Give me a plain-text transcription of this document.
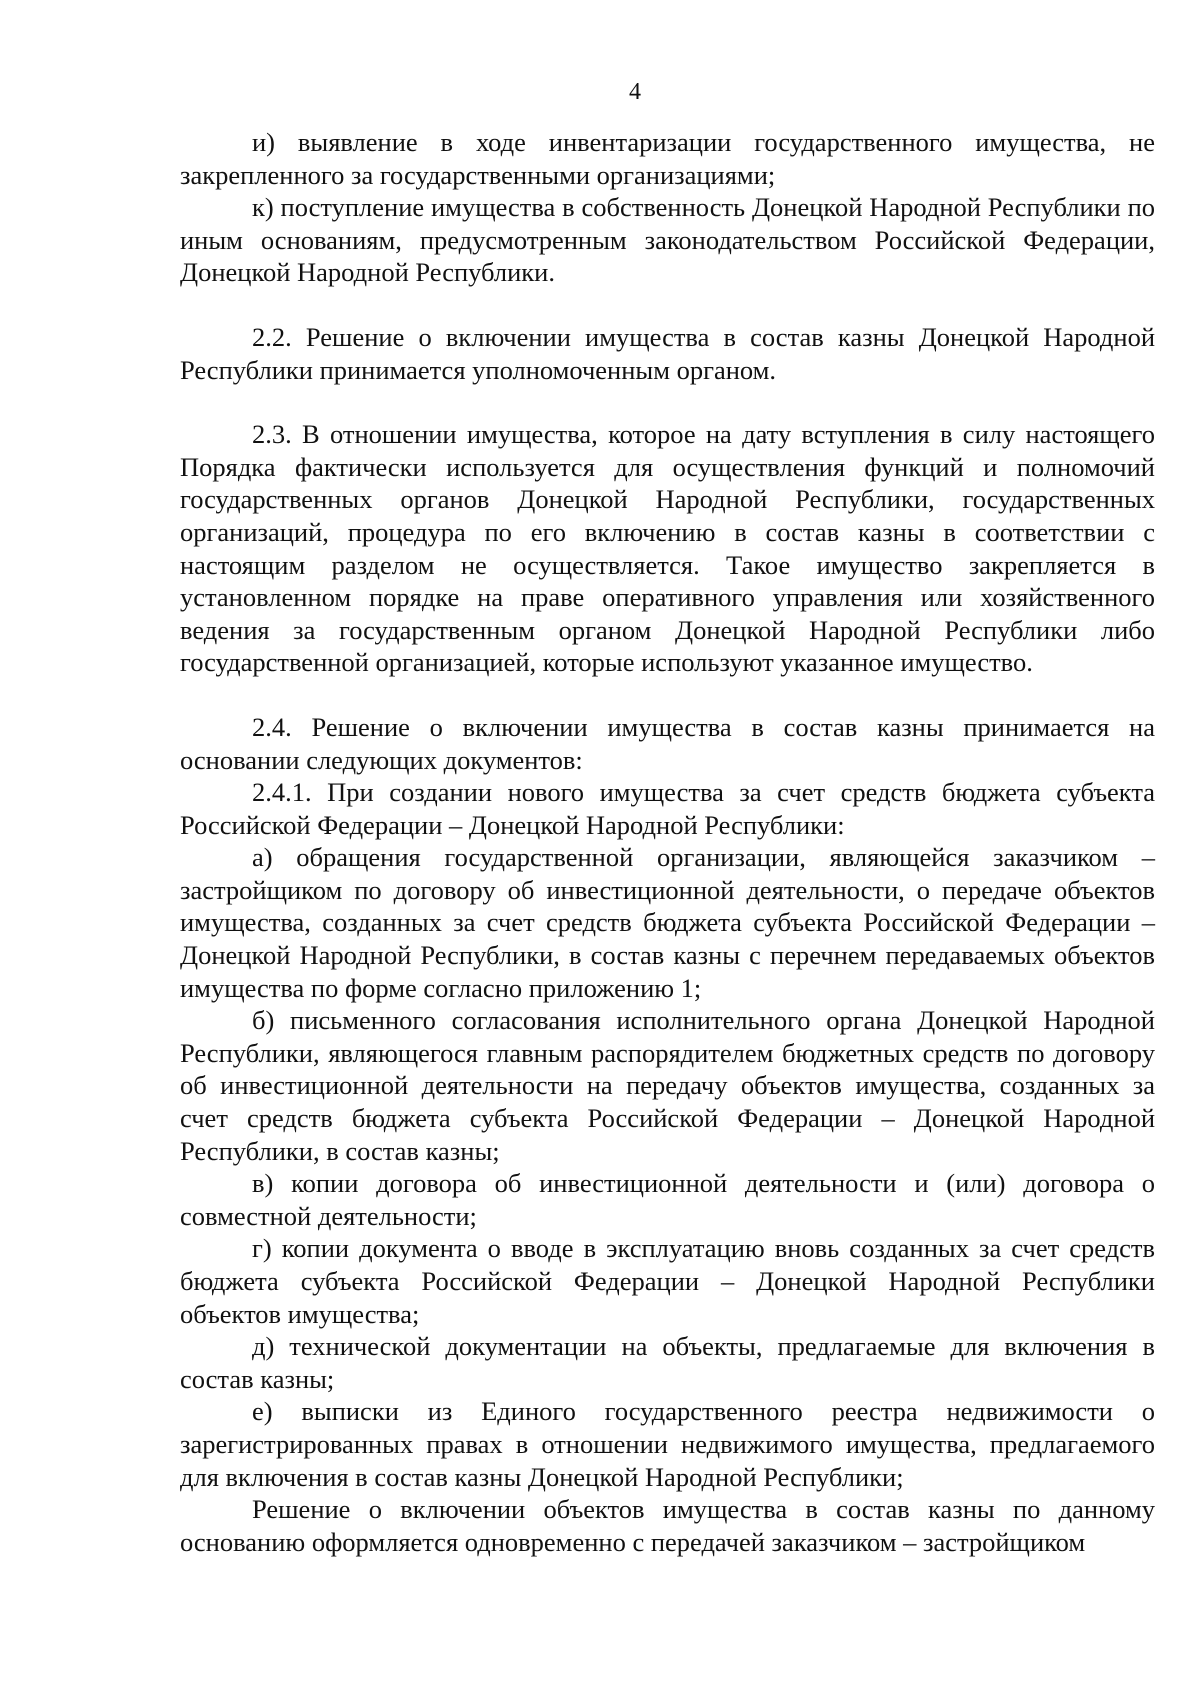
4

и) выявление в ходе инвентаризации государственного имущества, не закрепленного за государственными организациями;

к) поступление имущества в собственность Донецкой Народной Республики по иным основаниям, предусмотренным законодательством Российской Федерации, Донецкой Народной Республики.

2.2. Решение о включении имущества в состав казны Донецкой Народной Республики принимается уполномоченным органом.

2.3. В отношении имущества, которое на дату вступления в силу настоящего Порядка фактически используется для осуществления функций и полномочий государственных органов Донецкой Народной Республики, государственных организаций, процедура по его включению в состав казны в соответствии с настоящим разделом не осуществляется. Такое имущество закрепляется в установленном порядке на праве оперативного управления или хозяйственного ведения за государственным органом Донецкой Народной Республики либо государственной организацией, которые используют указанное имущество.

2.4. Решение о включении имущества в состав казны принимается на основании следующих документов:

2.4.1. При создании нового имущества за счет средств бюджета субъекта Российской Федерации – Донецкой Народной Республики:

а) обращения государственной организации, являющейся заказчиком – застройщиком по договору об инвестиционной деятельности, о передаче объектов имущества, созданных за счет средств бюджета субъекта Российской Федерации – Донецкой Народной Республики, в состав казны с перечнем передаваемых объектов имущества по форме согласно приложению 1;

б) письменного согласования исполнительного органа Донецкой Народной Республики, являющегося главным распорядителем бюджетных средств по договору об инвестиционной деятельности на передачу объектов имущества, созданных за счет средств бюджета субъекта Российской Федерации – Донецкой Народной Республики, в состав казны;

в) копии договора об инвестиционной деятельности и (или) договора о совместной деятельности;

г) копии документа о вводе в эксплуатацию вновь созданных за счет средств бюджета субъекта Российской Федерации – Донецкой Народной Республики объектов имущества;

д) технической документации на объекты, предлагаемые для включения в состав казны;

е) выписки из Единого государственного реестра недвижимости о зарегистрированных правах в отношении недвижимого имущества, предлагаемого для включения в состав казны Донецкой Народной Республики;

Решение о включении объектов имущества в состав казны по данному основанию оформляется одновременно с передачей заказчиком – застройщиком
